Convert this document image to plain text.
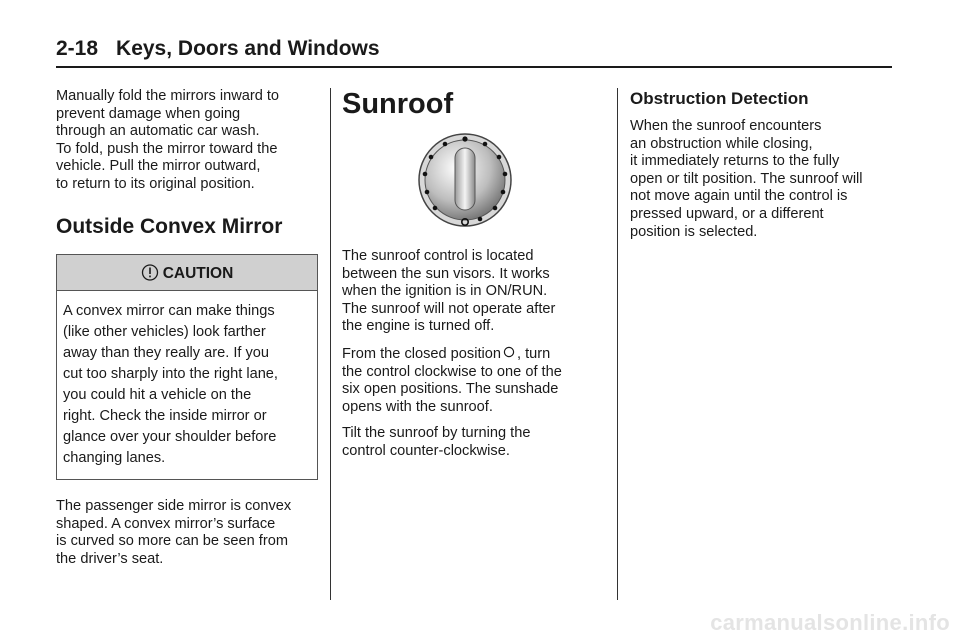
2-18 Keys, Doors and Windows

Manually fold the mirrors inward to
prevent damage when going
through an automatic car wash.
To fold, push the mirror toward the
vehicle. Pull the mirror outward,
to return to its original position.

Outside Convex Mirror
CAUTION

A convex mirror can make things
(like other vehicles) look farther
away than they really are. If you
cut too sharply into the right lane,
you could hit a vehicle on the
right. Check the inside mirror or
glance over your shoulder before
changing lanes.

The passenger side mirror is convex
shaped. A convex mirror’s surface
is curved so more can be seen from
the driver’s seat.

Sunroof

The sunroof control is located
between the sun visors. It works
when the ignition is in ON/RUN.
The sunroof will not operate after
the engine is turned off.

From the closed position , turn
the control clockwise to one of the
six open positions. The sunshade
opens with the sunroof.

Tilt the sunroof by turning the
control counter-clockwise.

Obstruction Detection

When the sunroof encounters
an obstruction while closing,
it immediately returns to the fully
open or tilt position. The sunroof will
not move again until the control is
pressed upward, or a different
position is selected.

carmanualsonline.info
